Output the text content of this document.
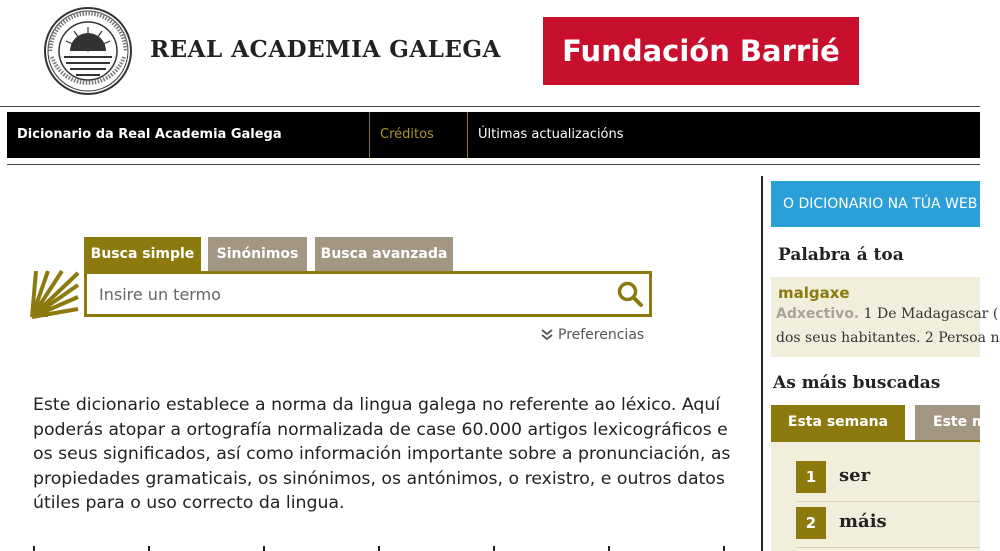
REAL ACADEMIA GALEGA	Fundación Barrié
Dicionario da Real Academia Galega	Créditos	Últimas actualizacións
Busca simple	Sinónimos	Busca avanzada
Insire un termo
Preferencias
Este dicionario establece a norma da lingua galega no referente ao léxico. Aquí poderás atopar a ortografía normalizada de case 60.000 artigos lexicográficos e os seus significados, así como información importante sobre a pronunciación, as propiedades gramaticais, os sinónimos, os antónimos, o rexistro, e outros datos útiles para o uso correcto da lingua.
O DICIONARIO NA TÚA WEB
Palabra á toa
malgaxe
Adxectivo. 1 De Madagascar (
dos seus habitantes. 2 Persoa n
As máis buscadas
Esta semana	Este m
1	ser
2	máis
